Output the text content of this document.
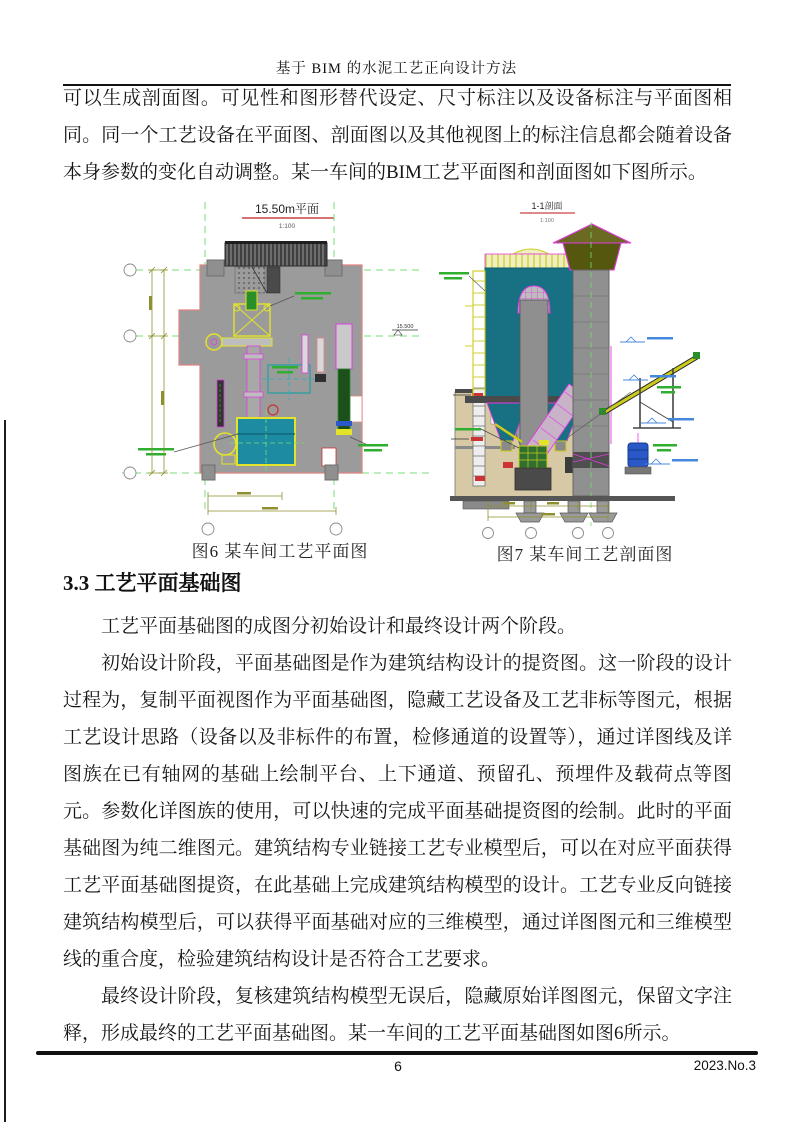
基于 BIM 的水泥工艺正向设计方法

可以生成剖面图。可见性和图形替代设定、尺寸标注以及设备标注与平面图相同。同一个工艺设备在平面图、剖面图以及其他视图上的标注信息都会随着设备本身参数的变化自动调整。某一车间的BIM工艺平面图和剖面图如下图所示。

15.50m平面
1:100
15.500
1-1剖面
1:100
图6 某车间工艺平面图	图7 某车间工艺剖面图
3.3 工艺平面基础图

工艺平面基础图的成图分初始设计和最终设计两个阶段。

初始设计阶段，平面基础图是作为建筑结构设计的提资图。这一阶段的设计过程为，复制平面视图作为平面基础图，隐藏工艺设备及工艺非标等图元，根据工艺设计思路（设备以及非标件的布置，检修通道的设置等），通过详图线及详图族在已有轴网的基础上绘制平台、上下通道、预留孔、预埋件及载荷点等图元。参数化详图族的使用，可以快速的完成平面基础提资图的绘制。此时的平面基础图为纯二维图元。建筑结构专业链接工艺专业模型后，可以在对应平面获得工艺平面基础图提资，在此基础上完成建筑结构模型的设计。工艺专业反向链接建筑结构模型后，可以获得平面基础对应的三维模型，通过详图图元和三维模型线的重合度，检验建筑结构设计是否符合工艺要求。

最终设计阶段，复核建筑结构模型无误后，隐藏原始详图图元，保留文字注释，形成最终的工艺平面基础图。某一车间的工艺平面基础图如图6所示。

6	2023.No.3
